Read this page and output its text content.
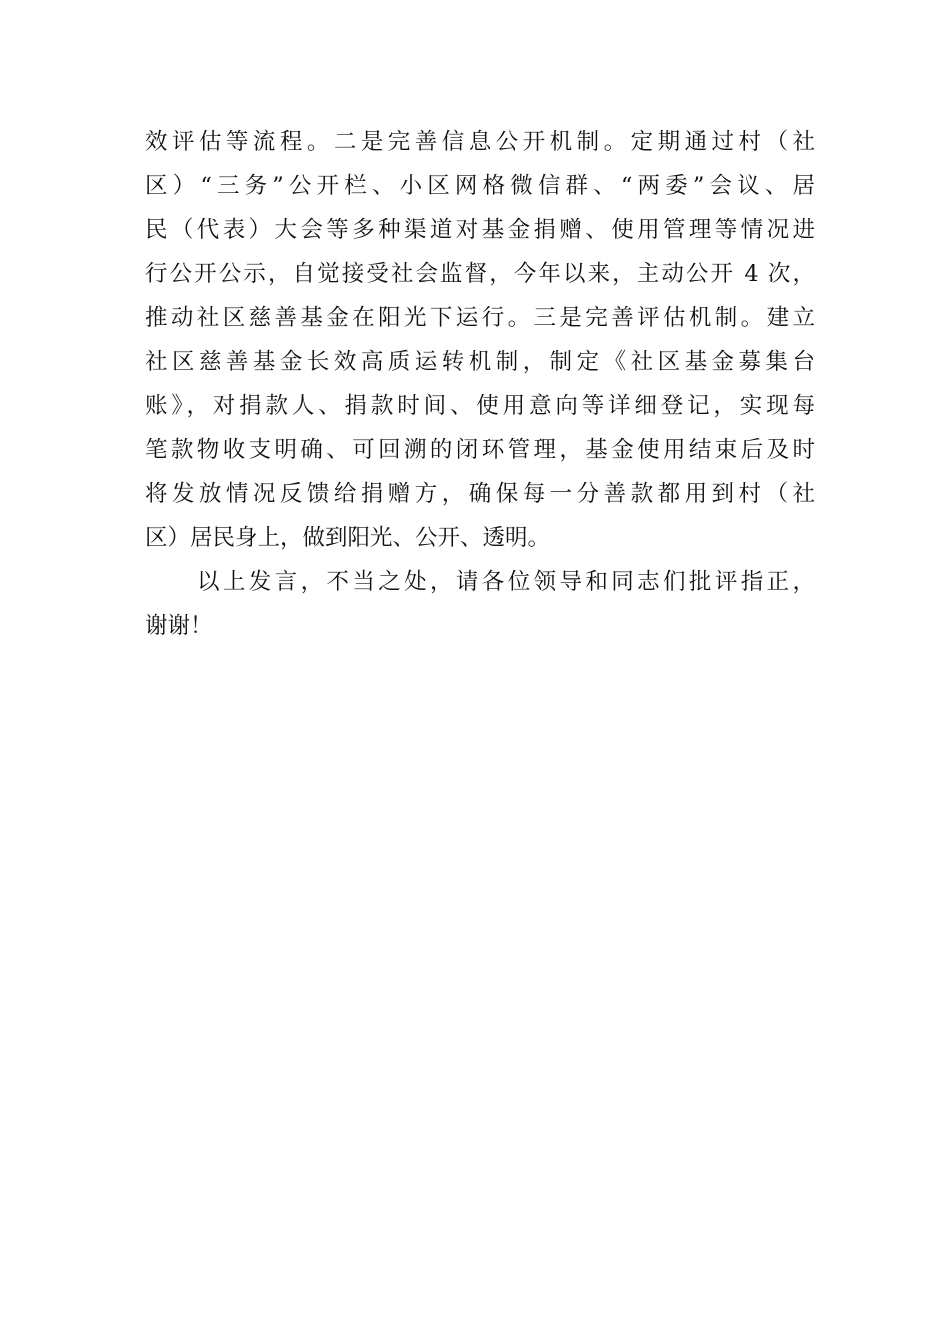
效评估等流程。二是完善信息公开机制。定期通过村（社
区）“三务”公开栏、小区网格微信群、“两委”会议、居
民（代表）大会等多种渠道对基金捐赠、使用管理等情况进
行公开公示，自觉接受社会监督，今年以来，主动公开 4 次，
推动社区慈善基金在阳光下运行。三是完善评估机制。建立
社区慈善基金长效高质运转机制，制定《社区基金募集台
账》，对捐款人、捐款时间、使用意向等详细登记，实现每
笔款物收支明确、可回溯的闭环管理，基金使用结束后及时
将发放情况反馈给捐赠方，确保每一分善款都用到村（社
区）居民身上，做到阳光、公开、透明。
以上发言，不当之处，请各位领导和同志们批评指正，
谢谢！
